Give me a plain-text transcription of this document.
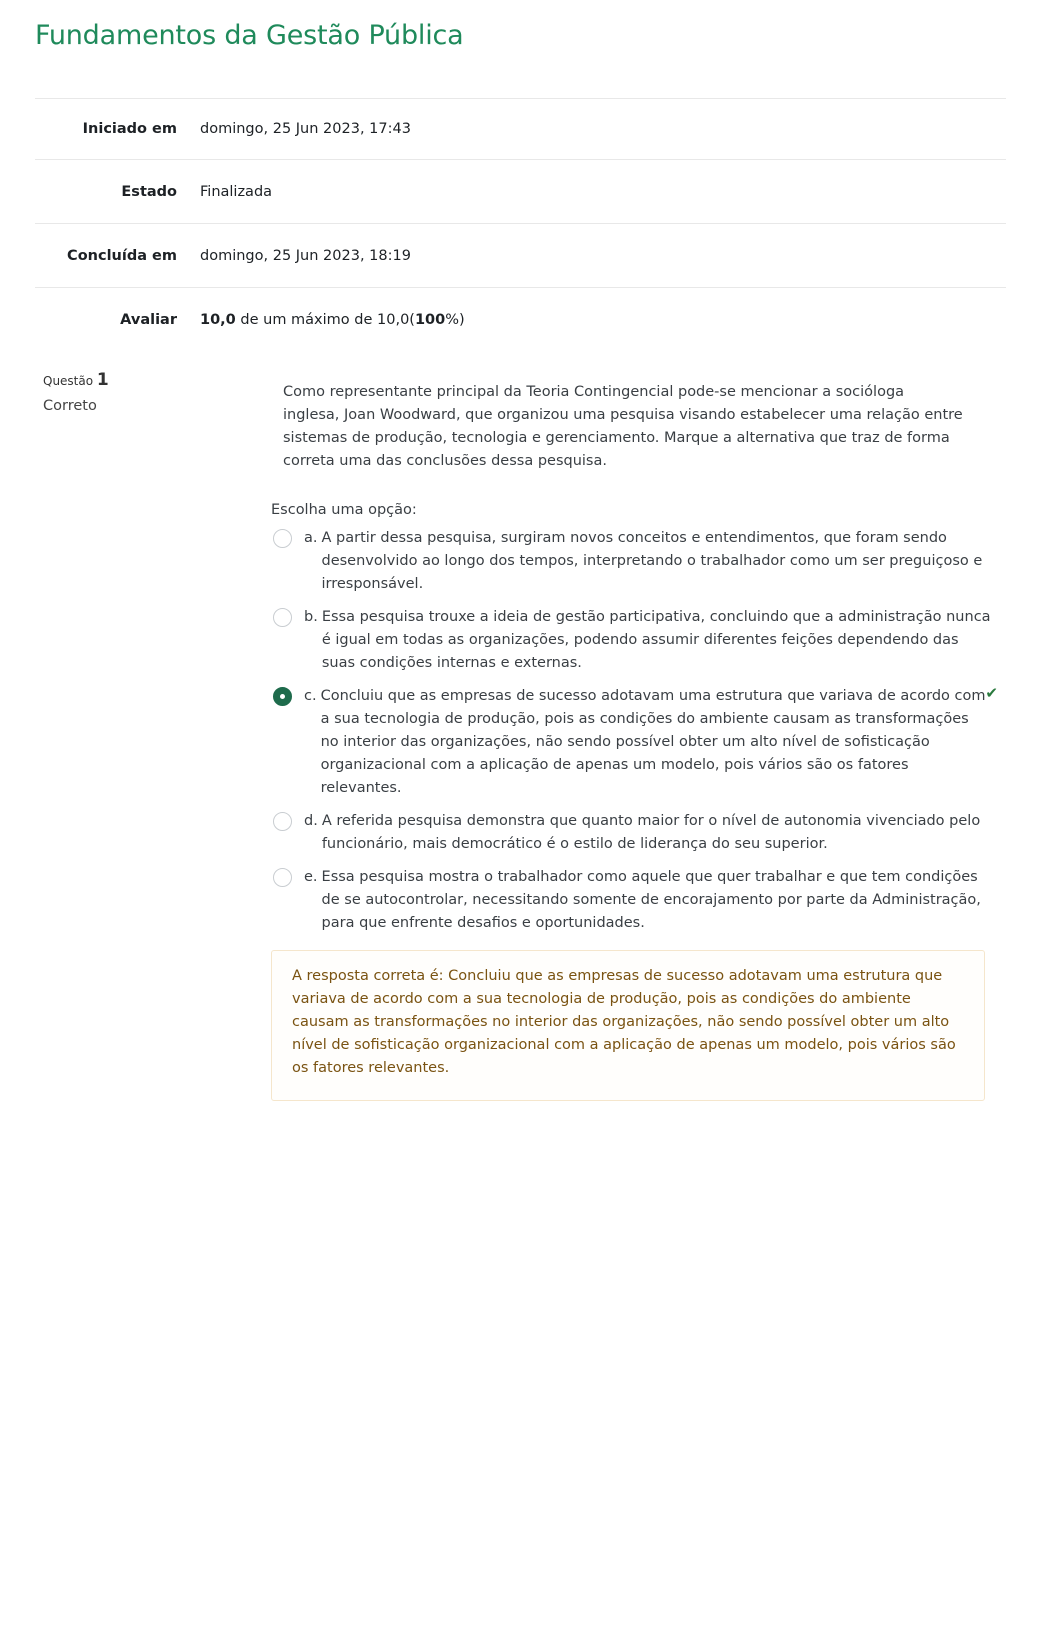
Fundamentos da Gestão Pública
Iniciado em	domingo, 25 Jun 2023, 17:43
Estado	Finalizada
Concluída em	domingo, 25 Jun 2023, 18:19
Avaliar	10,0 de um máximo de 10,0(100%)
Questão 1
Correto

Como representante principal da Teoria Contingencial pode-se mencionar a socióloga inglesa, Joan Woodward, que organizou uma pesquisa visando estabelecer uma relação entre sistemas de produção, tecnologia e gerenciamento. Marque a alternativa que traz de forma correta uma das conclusões dessa pesquisa.

Escolha uma opção:
a. A partir dessa pesquisa, surgiram novos conceitos e entendimentos, que foram sendo desenvolvido ao longo dos tempos, interpretando o trabalhador como um ser preguiçoso e irresponsável.
b. Essa pesquisa trouxe a ideia de gestão participativa, concluindo que a administração nunca é igual em todas as organizações, podendo assumir diferentes feições dependendo das suas condições internas e externas.
c. Concluiu que as empresas de sucesso adotavam uma estrutura que variava de acordo com a sua tecnologia de produção, pois as condições do ambiente causam as transformações no interior das organizações, não sendo possível obter um alto nível de sofisticação organizacional com a aplicação de apenas um modelo, pois vários são os fatores relevantes.
✔
d. A referida pesquisa demonstra que quanto maior for o nível de autonomia vivenciado pelo funcionário, mais democrático é o estilo de liderança do seu superior.
e. Essa pesquisa mostra o trabalhador como aquele que quer trabalhar e que tem condições de se autocontrolar, necessitando somente de encorajamento por parte da Administração, para que enfrente desafios e oportunidades.
A resposta correta é: Concluiu que as empresas de sucesso adotavam uma estrutura que variava de acordo com a sua tecnologia de produção, pois as condições do ambiente causam as transformações no interior das organizações, não sendo possível obter um alto nível de sofisticação organizacional com a aplicação de apenas um modelo, pois vários são os fatores relevantes.
